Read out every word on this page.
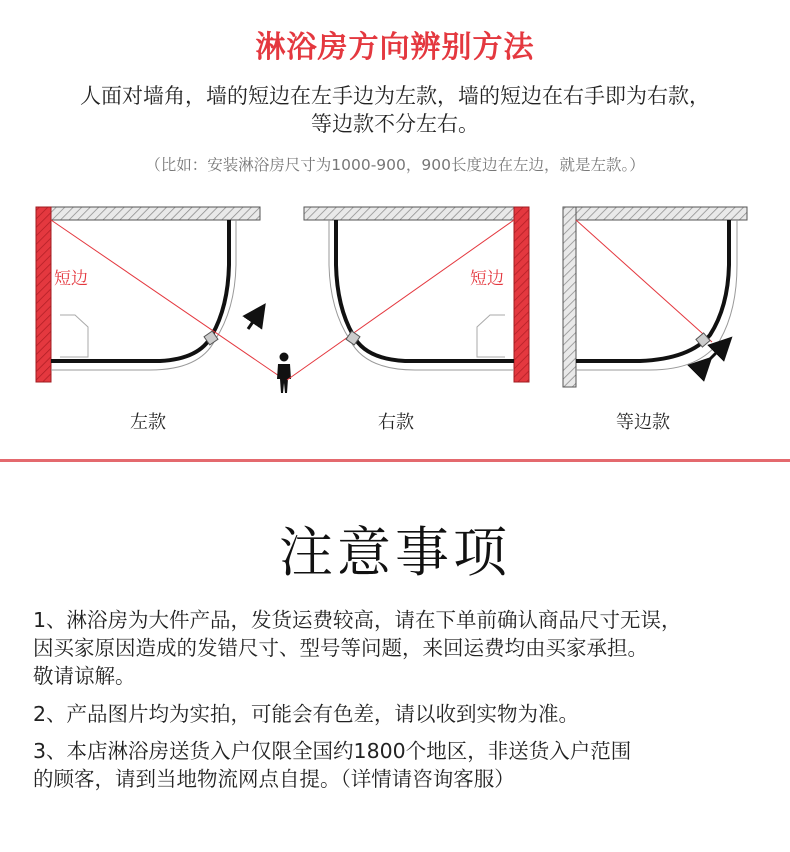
淋浴房方向辨别方法
人面对墙角，墙的短边在左手边为左款，墙的短边在右手即为右款，
等边款不分左右。
（比如：安装淋浴房尺寸为1000-900，900长度边在左边，就是左款。）
短边	短边
左款	右款	等边款
注意事项
1、淋浴房为大件产品，发货运费较高，请在下单前确认商品尺寸无误，
因买家原因造成的发错尺寸、型号等问题，来回运费均由买家承担。
敬请谅解。
2、产品图片均为实拍，可能会有色差，请以收到实物为准。
3、本店淋浴房送货入户仅限全国约1800个地区，非送货入户范围
的顾客，请到当地物流网点自提。（详情请咨询客服）
